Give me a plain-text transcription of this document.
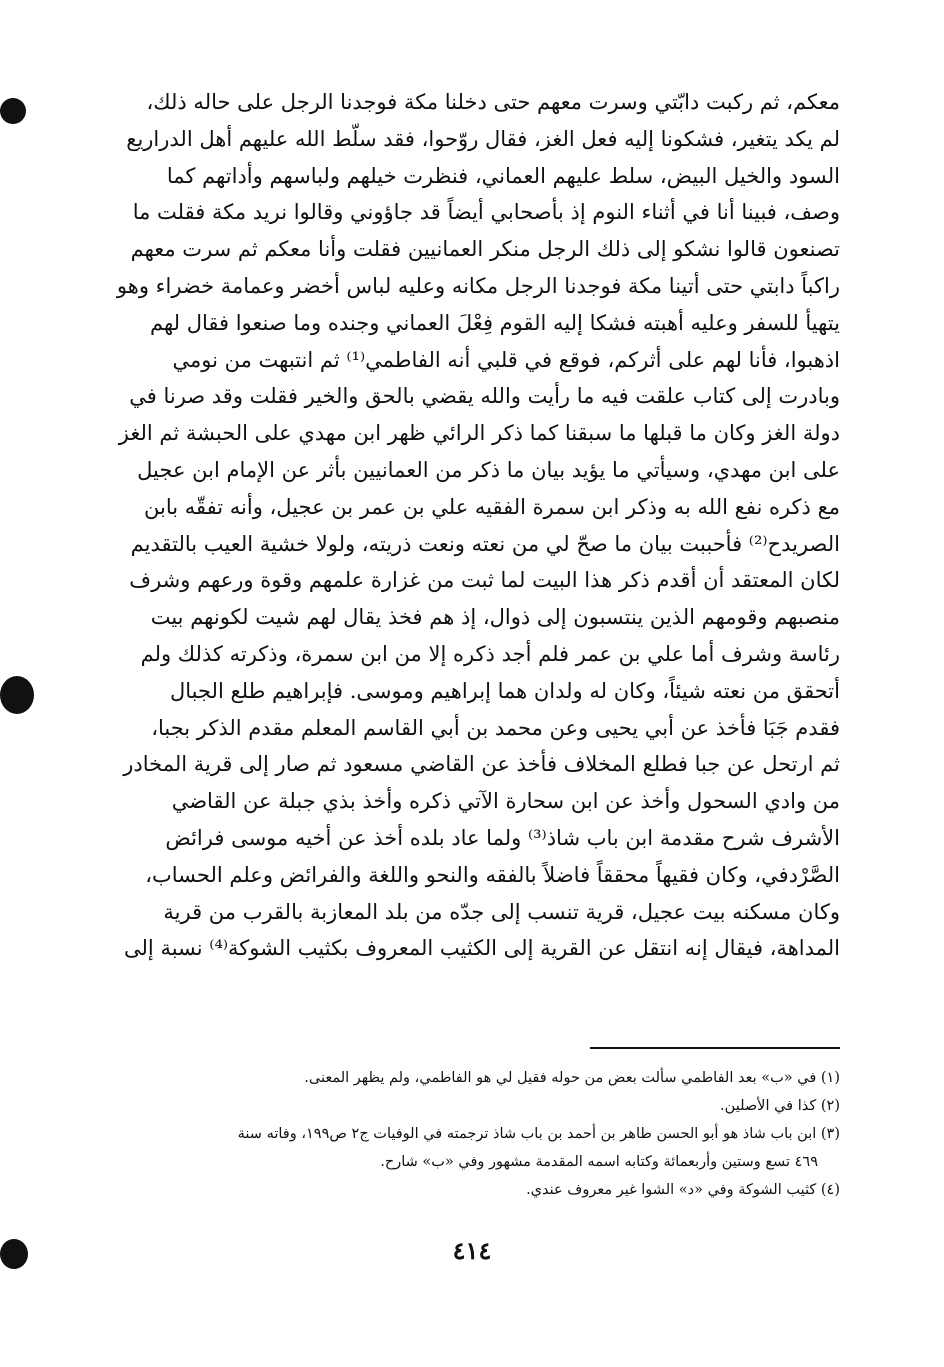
معكم، ثم ركبت دابّتي وسرت معهم حتى دخلنا مكة فوجدنا الرجل على حاله ذلك،
لم يكد يتغير، فشكونا إليه فعل الغز، فقال روّحوا، فقد سلّط الله عليهم أهل الدراريع
السود والخيل البيض، سلط عليهم العماني، فنظرت خيلهم ولباسهم وأداتهم كما
وصف، فبينا أنا في أثناء النوم إذ بأصحابي أيضاً قد جاؤوني وقالوا نريد مكة فقلت ما
تصنعون قالوا نشكو إلى ذلك الرجل منكر العمانيين فقلت وأنا معكم ثم سرت معهم
راكباً دابتي حتى أتينا مكة فوجدنا الرجل مكانه وعليه لباس أخضر وعمامة خضراء وهو
يتهيأ للسفر وعليه أهبته فشكا إليه القوم فِعْلَ العماني وجنده وما صنعوا فقال لهم
اذهبوا، فأنا لهم على أثركم، فوقع في قلبي أنه الفاطمي⁽¹⁾ ثم انتبهت من نومي
وبادرت إلى كتاب علقت فيه ما رأيت والله يقضي بالحق والخير فقلت وقد صرنا في
دولة الغز وكان ما قبلها ما سبقنا كما ذكر الرائي ظهر ابن مهدي على الحبشة ثم الغز
على ابن مهدي، وسيأتي ما يؤيد بيان ما ذكر من العمانيين بأثر عن الإمام ابن عجيل
مع ذكره نفع الله به وذكر ابن سمرة الفقيه علي بن عمر بن عجيل، وأنه تفقّه بابن
الصريدح⁽²⁾ فأحببت بيان ما صحّ لي من نعته ونعت ذريته، ولولا خشية العيب بالتقديم
لكان المعتقد أن أقدم ذكر هذا البيت لما ثبت من غزارة علمهم وقوة ورعهم وشرف
منصبهم وقومهم الذين ينتسبون إلى ذوال، إذ هم فخذ يقال لهم شيت لكونهم بيت
رئاسة وشرف أما علي بن عمر فلم أجد ذكره إلا من ابن سمرة، وذكرته كذلك ولم
أتحقق من نعته شيئاً، وكان له ولدان هما إبراهيم وموسى. فإبراهيم طلع الجبال
فقدم جَبَا فأخذ عن أبي يحيى وعن محمد بن أبي القاسم المعلم مقدم الذكر بجبا،
ثم ارتحل عن جبا فطلع المخلاف فأخذ عن القاضي مسعود ثم صار إلى قرية المخادر
من وادي السحول وأخذ عن ابن سحارة الآتي ذكره وأخذ بذي جبلة عن القاضي
الأشرف شرح مقدمة ابن باب شاذ⁽³⁾ ولما عاد بلده أخذ عن أخيه موسى فرائض
الصَّرْدفي، وكان فقيهاً محققاً فاضلاً بالفقه والنحو واللغة والفرائض وعلم الحساب،
وكان مسكنه بيت عجيل، قرية تنسب إلى جدّه من بلد المعازبة بالقرب من قرية
المداهة، فيقال إنه انتقل عن القرية إلى الكثيب المعروف بكثيب الشوكة⁽⁴⁾ نسبة إلى
(١) في «ب» بعد الفاطمي سألت بعض من حوله فقيل لي هو الفاطمي، ولم يظهر المعنى.
(٢) كذا في الأصلين.
(٣) ابن باب شاذ هو أبو الحسن طاهر بن أحمد بن باب شاذ ترجمته في الوفيات ج٢ ص١٩٩، وفاته سنة
٤٦٩ تسع وستين وأربعمائة وكتابه اسمه المقدمة مشهور وفي «ب» شارح.
(٤) كثيب الشوكة وفي «د» الشوا غير معروف عندي.
٤١٤
